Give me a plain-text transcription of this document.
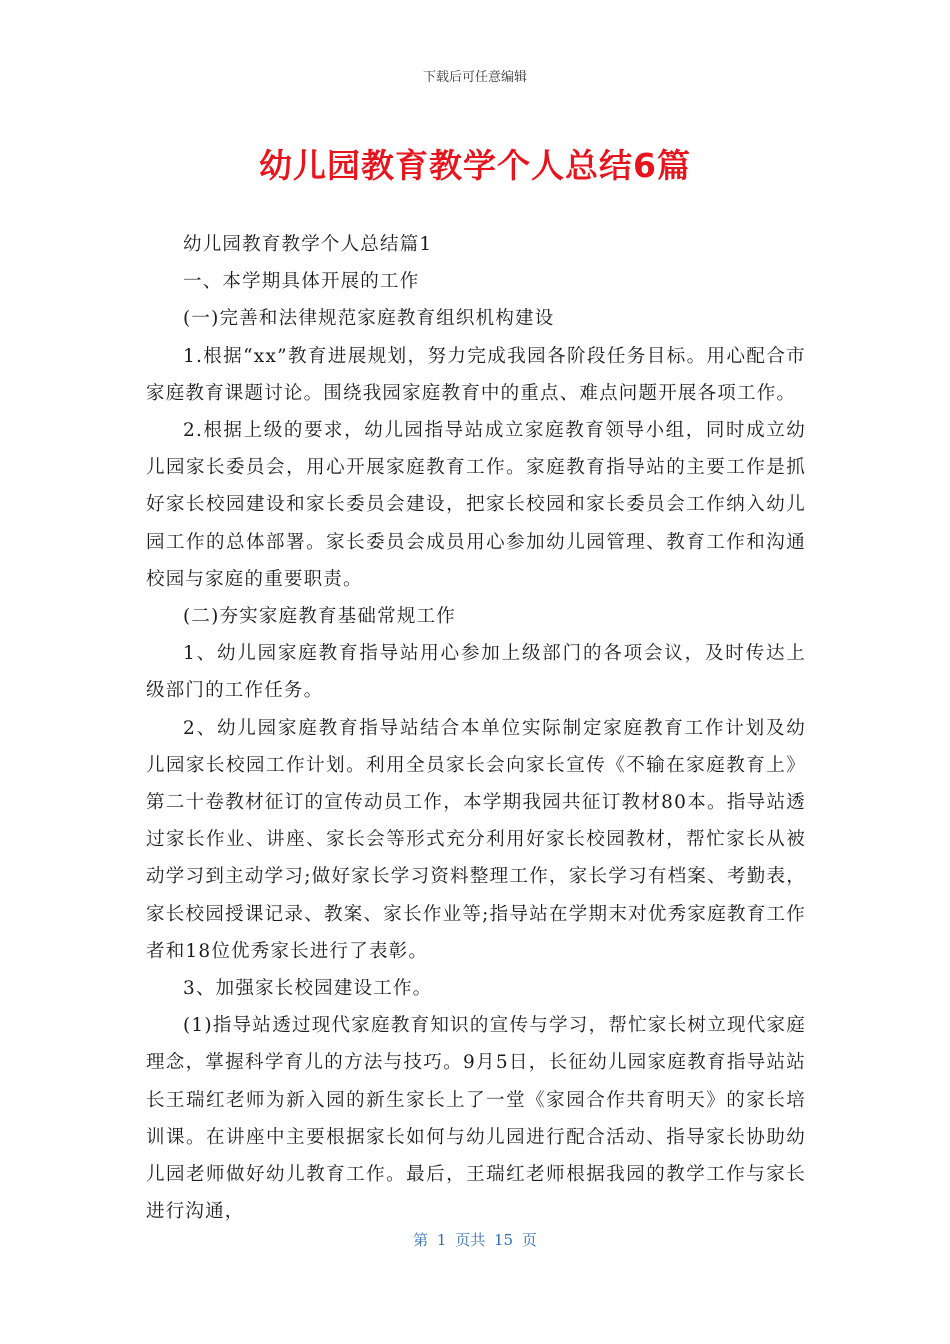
下载后可任意编辑
幼儿园教育教学个人总结6篇

幼儿园教育教学个人总结篇1

一、本学期具体开展的工作

(一)完善和法律规范家庭教育组织机构建设

1.根据“xx”教育进展规划，努力完成我园各阶段任务目标。用心配合市家庭教育课题讨论。围绕我园家庭教育中的重点、难点问题开展各项工作。

2.根据上级的要求，幼儿园指导站成立家庭教育领导小组，同时成立幼儿园家长委员会，用心开展家庭教育工作。家庭教育指导站的主要工作是抓好家长校园建设和家长委员会建设，把家长校园和家长委员会工作纳入幼儿园工作的总体部署。家长委员会成员用心参加幼儿园管理、教育工作和沟通校园与家庭的重要职责。

(二)夯实家庭教育基础常规工作

1、幼儿园家庭教育指导站用心参加上级部门的各项会议，及时传达上级部门的工作任务。

2、幼儿园家庭教育指导站结合本单位实际制定家庭教育工作计划及幼儿园家长校园工作计划。利用全员家长会向家长宣传《不输在家庭教育上》第二十卷教材征订的宣传动员工作，本学期我园共征订教材80本。指导站透过家长作业、讲座、家长会等形式充分利用好家长校园教材，帮忙家长从被动学习到主动学习;做好家长学习资料整理工作，家长学习有档案、考勤表，家长校园授课记录、教案、家长作业等;指导站在学期末对优秀家庭教育工作者和18位优秀家长进行了表彰。

3、加强家长校园建设工作。

(1)指导站透过现代家庭教育知识的宣传与学习，帮忙家长树立现代家庭理念，掌握科学育儿的方法与技巧。9月5日，长征幼儿园家庭教育指导站站长王瑞红老师为新入园的新生家长上了一堂《家园合作共育明天》的家长培训课。在讲座中主要根据家长如何与幼儿园进行配合活动、指导家长协助幼儿园老师做好幼儿教育工作。最后，王瑞红老师根据我园的教学工作与家长进行沟通，

第 1 页共 15 页
